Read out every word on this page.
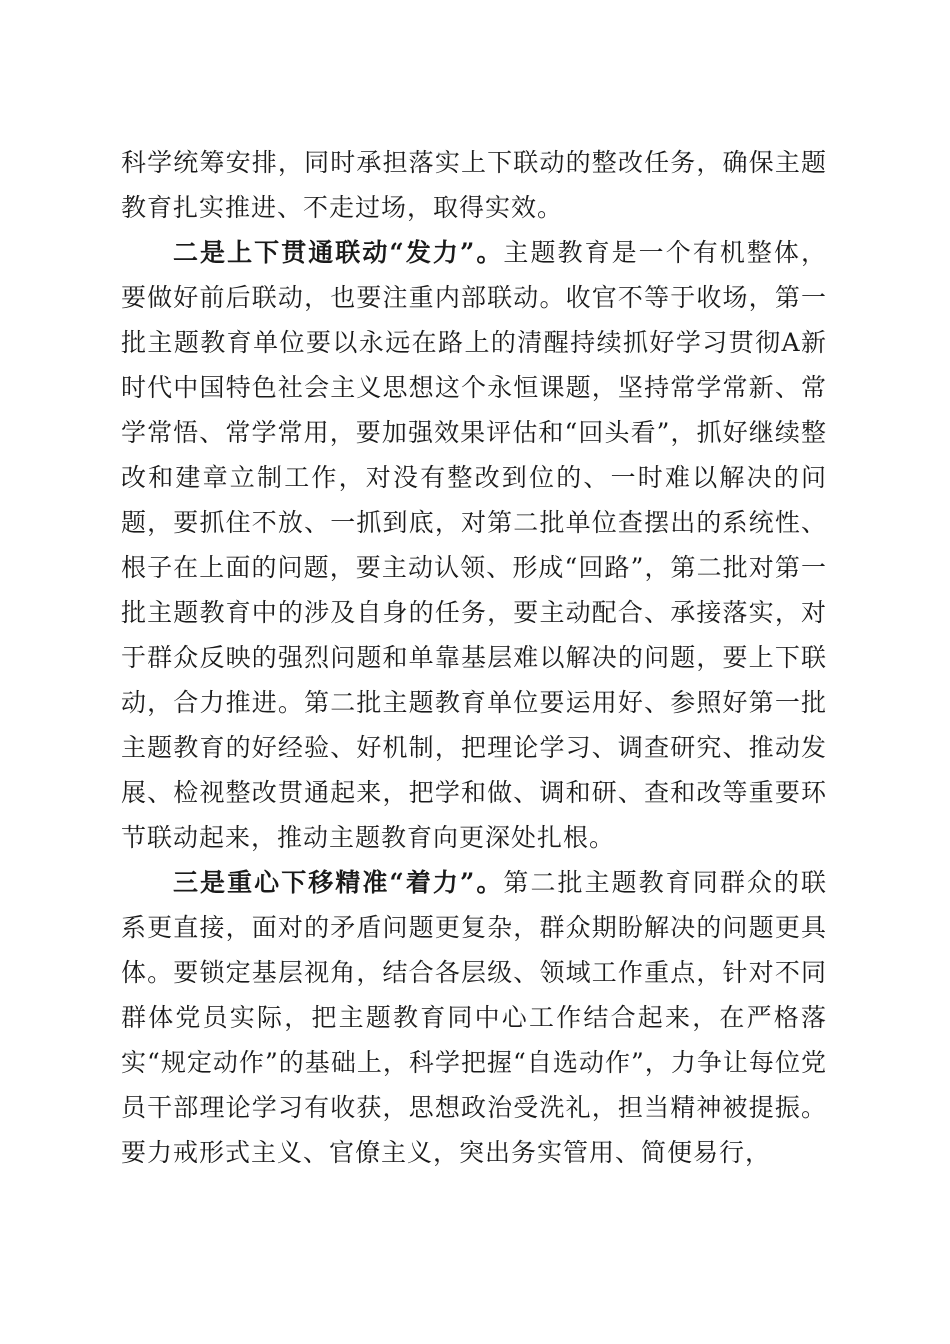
科学统筹安排，同时承担落实上下联动的整改任务，确保主题教育扎实推进、不走过场，取得实效。

二是上下贯通联动“发力”。主题教育是一个有机整体，要做好前后联动，也要注重内部联动。收官不等于收场，第一批主题教育单位要以永远在路上的清醒持续抓好学习贯彻A新时代中国特色社会主义思想这个永恒课题，坚持常学常新、常学常悟、常学常用，要加强效果评估和“回头看”，抓好继续整改和建章立制工作，对没有整改到位的、一时难以解决的问题，要抓住不放、一抓到底，对第二批单位查摆出的系统性、根子在上面的问题，要主动认领、形成“回路”，第二批对第一批主题教育中的涉及自身的任务，要主动配合、承接落实，对于群众反映的强烈问题和单靠基层难以解决的问题，要上下联动，合力推进。第二批主题教育单位要运用好、参照好第一批主题教育的好经验、好机制，把理论学习、调查研究、推动发展、检视整改贯通起来，把学和做、调和研、查和改等重要环节联动起来，推动主题教育向更深处扎根。

三是重心下移精准“着力”。第二批主题教育同群众的联系更直接，面对的矛盾问题更复杂，群众期盼解决的问题更具体。要锁定基层视角，结合各层级、领域工作重点，针对不同群体党员实际，把主题教育同中心工作结合起来，在严格落实“规定动作”的基础上，科学把握“自选动作”，力争让每位党员干部理论学习有收获，思想政治受洗礼，担当精神被提振。要力戒形式主义、官僚主义，突出务实管用、简便易行，
